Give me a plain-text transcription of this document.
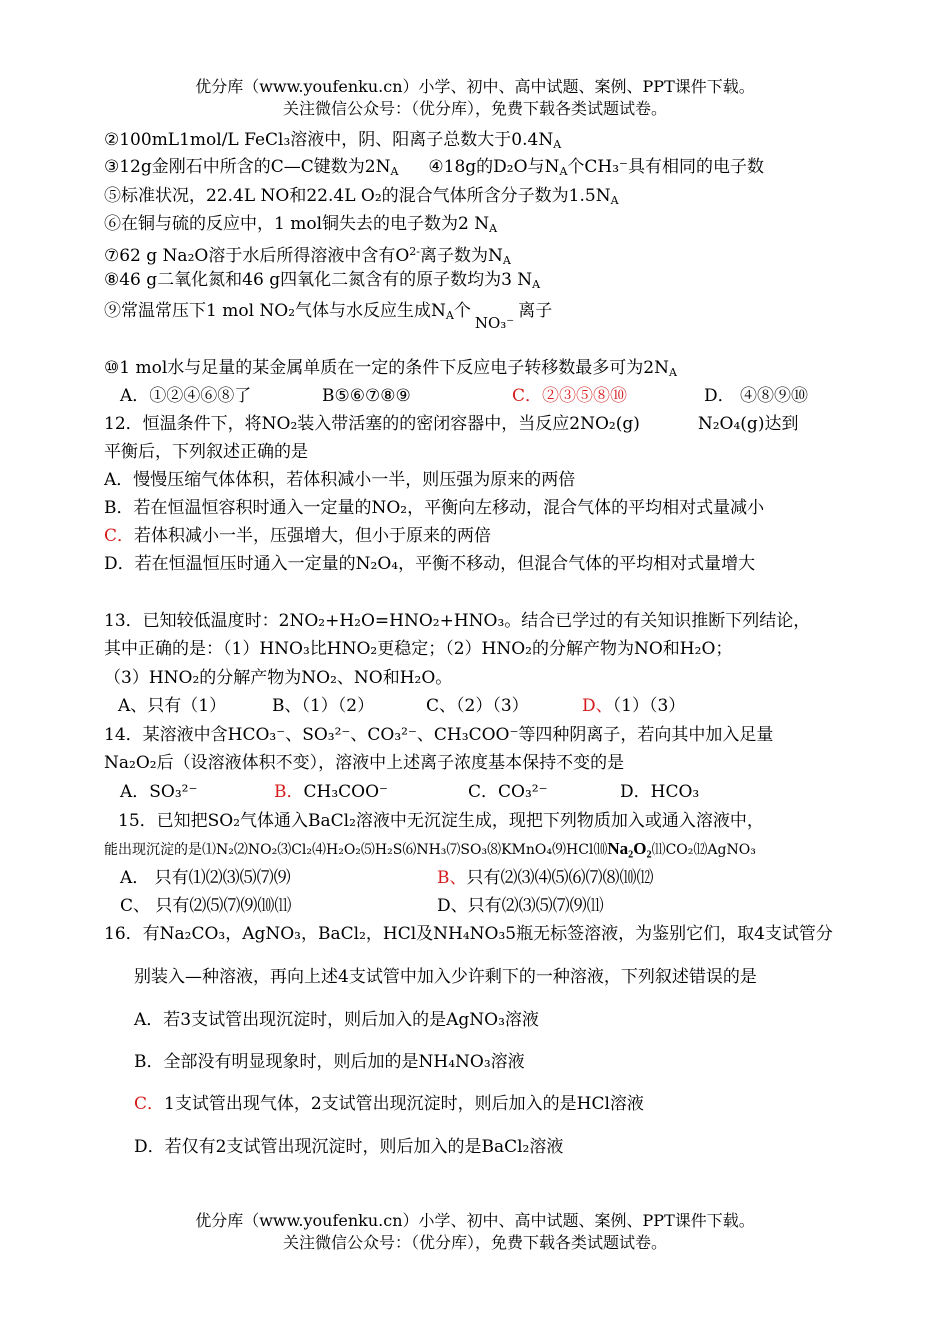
优分库（www.youfenku.cn）小学、初中、高中试题、案例、PPT课件下载。
关注微信公众号：（优分库），免费下载各类试题试卷。
②100mL1mol/L FeCl₃溶液中，阴、阳离子总数大于$0.4N_A$
③12g金刚石中所含的C—C键数为$2N_A$ ④18g的D₂O与$N_A$个CH₃⁻具有相同的电子数
⑤标准状况，22.4L NO和22.4L O₂的混合气体所含分子数为$1.5N_A$
⑥在铜与硫的反应中，1 mol铜失去的电子数为2 $N_A$
⑦62 g Na₂O溶于水后所得溶液中含有$O^{2-}$离子数为$N_A$
⑧46 g二氧化氮和46 g四氧化二氮含有的原子数均为3 $N_A$
⑨常温常压下1 mol NO₂气体与水反应生成$N_A$个NO₃⁻离子
⑩1 mol水与足量的某金属单质在一定的条件下反应电子转移数最多可为$2N_A$
A．①②④⑥⑧了	B⑤⑥⑦⑧⑨	C．②③⑤⑧⑩	D． ④⑧⑨⑩
12．恒温条件下，将NO₂装入带活塞的的密闭容器中，当反应2NO₂(g)	N₂O₄(g)达到
平衡后，下列叙述正确的是
A．慢慢压缩气体体积，若体积减小一半，则压强为原来的两倍
B．若在恒温恒容积时通入一定量的NO₂，平衡向左移动，混合气体的平均相对式量减小
C．若体积减小一半，压强增大，但小于原来的两倍
D．若在恒温恒压时通入一定量的N₂O₄，平衡不移动，但混合气体的平均相对式量增大
13．已知较低温度时：2NO₂+H₂O=HNO₂+HNO₃。结合已学过的有关知识推断下列结论，
其中正确的是：（1）HNO₃比HNO₂更稳定；（2）HNO₂的分解产物为NO和H₂O；
（3）HNO₂的分解产物为NO₂、NO和H₂O。
A、只有（1）	B、（1）（2）	C、（2）（3）	D、（1）（3）
14．某溶液中含HCO₃⁻、SO₃²⁻、CO₃²⁻、CH₃COO⁻等四种阴离子，若向其中加入足量
Na₂O₂后（设溶液体积不变），溶液中上述离子浓度基本保持不变的是
A．SO₃²⁻	B．CH₃COO⁻	C．CO₃²⁻	D．HCO₃
15．已知把SO₂气体通入BaCl₂溶液中无沉淀生成，现把下列物质加入或通入溶液中，
能出现沉淀的是⑴N₂⑵NO₂⑶Cl₂⑷H₂O₂⑸H₂S⑹NH₃⑺SO₃⑻KMnO₄⑼HCl⑽Na₂O₂⑾CO₂⑿AgNO₃
A． 只有⑴⑵⑶⑸⑺⑼	B、只有⑵⑶⑷⑸⑹⑺⑻⑽⑿
C、 只有⑵⑸⑺⑼⑽⑾	D、只有⑵⑶⑸⑺⑼⑾
16．有Na₂CO₃，AgNO₃，BaCl₂，HCl及NH₄NO₃5瓶无标签溶液，为鉴别它们，取4支试管分
别装入—种溶液，再向上述4支试管中加入少许剩下的一种溶液，下列叙述错误的是
A．若3支试管出现沉淀时，则后加入的是AgNO₃溶液
B．全部没有明显现象时，则后加的是NH₄NO₃溶液
C．1支试管出现气体，2支试管出现沉淀时，则后加入的是HCl溶液
D．若仅有2支试管出现沉淀时，则后加入的是BaCl₂溶液
优分库（www.youfenku.cn）小学、初中、高中试题、案例、PPT课件下载。
关注微信公众号：（优分库），免费下载各类试题试卷。
